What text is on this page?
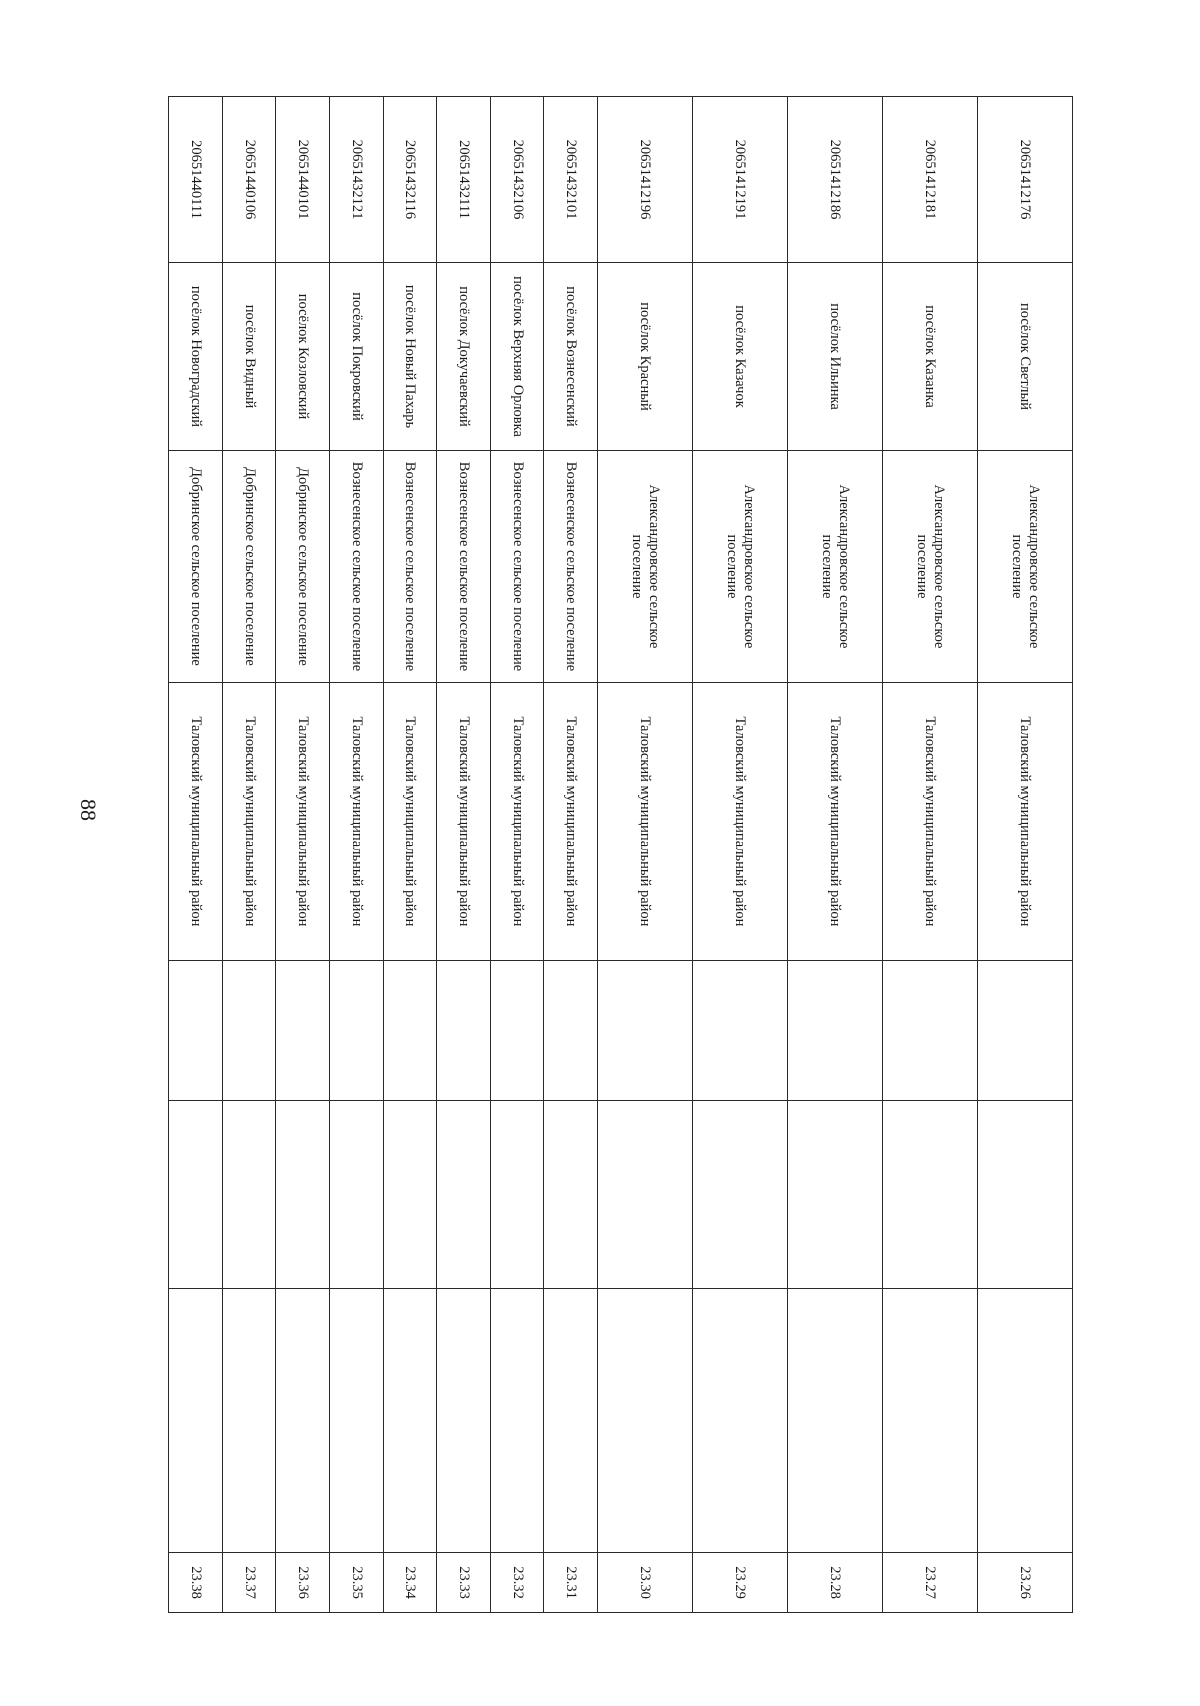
88
20651412176	посёлок Светлый	Александровское сельское поселение	Таловский муниципальный район				23.26
20651412181	посёлок Казанка	Александровское сельское поселение	Таловский муниципальный район				23.27
20651412186	посёлок Ильинка	Александровское сельское поселение	Таловский муниципальный район				23.28
20651412191	посёлок Казачок	Александровское сельское поселение	Таловский муниципальный район				23.29
20651412196	посёлок Красный	Александровское сельское поселение	Таловский муниципальный район				23.30
20651432101	посёлок Вознесенский	Вознесенское сельское поселение	Таловский муниципальный район				23.31
20651432106	посёлок Верхняя Орловка	Вознесенское сельское поселение	Таловский муниципальный район				23.32
20651432111	посёлок Докучаевский	Вознесенское сельское поселение	Таловский муниципальный район				23.33
20651432116	посёлок Новый Пахарь	Вознесенское сельское поселение	Таловский муниципальный район				23.34
20651432121	посёлок Покровский	Вознесенское сельское поселение	Таловский муниципальный район				23.35
20651440101	посёлок Козловский	Добринское сельское поселение	Таловский муниципальный район				23.36
20651440106	посёлок Видный	Добринское сельское поселение	Таловский муниципальный район				23.37
20651440111	посёлок Новоградский	Добринское сельское поселение	Таловский муниципальный район				23.38
